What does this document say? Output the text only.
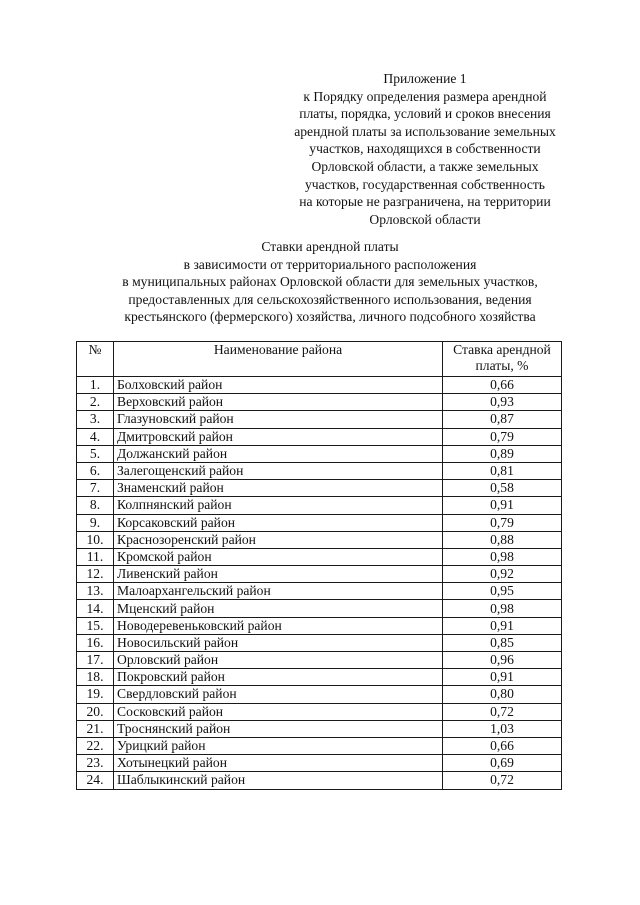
Приложение 1
к Порядку определения размера арендной
платы, порядка, условий и сроков внесения
арендной платы за использование земельных
участков, находящихся в собственности
Орловской области, а также земельных
участков, государственная собственность
на которые не разграничена, на территории
Орловской области
Ставки арендной платы
в зависимости от территориального расположения
в муниципальных районах Орловской области для земельных участков,
предоставленных для сельскохозяйственного использования, ведения
крестьянского (фермерского) хозяйства, личного подсобного хозяйства
№	Наименование района	Ставка арендной
платы, %
1.	Болховский район	0,66
2.	Верховский район	0,93
3.	Глазуновский район	0,87
4.	Дмитровский район	0,79
5.	Должанский район	0,89
6.	Залегощенский район	0,81
7.	Знаменский район	0,58
8.	Колпнянский район	0,91
9.	Корсаковский район	0,79
10.	Краснозоренский район	0,88
11.	Кромской район	0,98
12.	Ливенский район	0,92
13.	Малоархангельский район	0,95
14.	Мценский район	0,98
15.	Новодеревеньковский район	0,91
16.	Новосильский район	0,85
17.	Орловский район	0,96
18.	Покровский район	0,91
19.	Свердловский район	0,80
20.	Сосковский район	0,72
21.	Троснянский район	1,03
22.	Урицкий район	0,66
23.	Хотынецкий район	0,69
24.	Шаблыкинский район	0,72
